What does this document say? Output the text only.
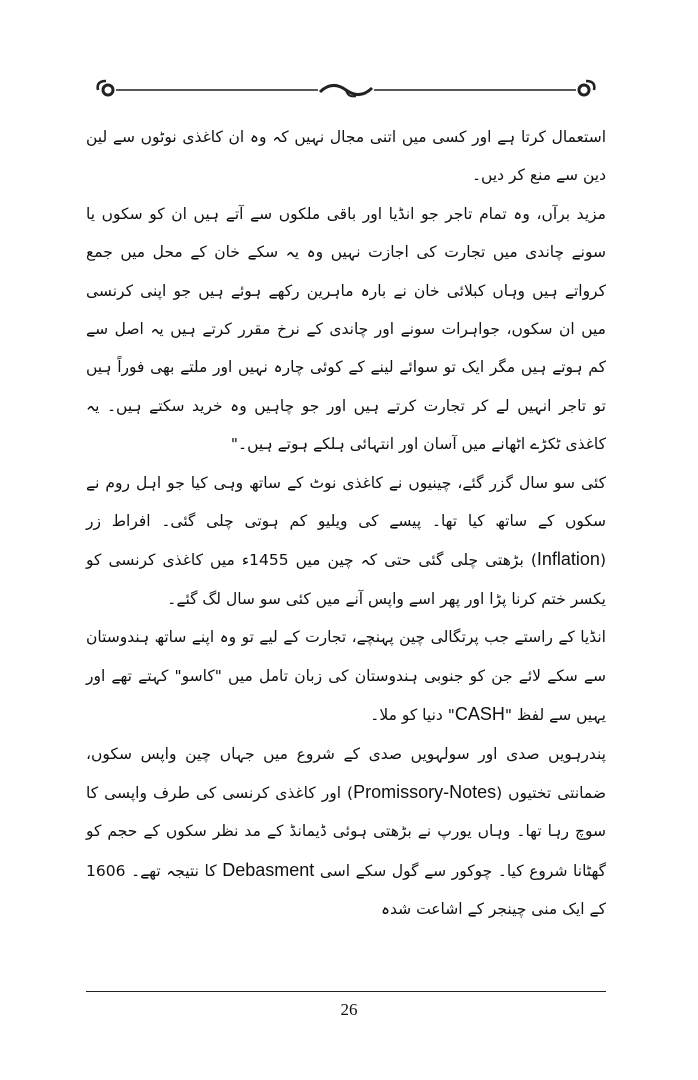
استعمال کرتا ہے اور کسی میں اتنی مجال نہیں کہ وہ ان کاغذی نوٹوں سے لین دین سے منع کر دیں۔

مزید برآں، وہ تمام تاجر جو انڈیا اور باقی ملکوں سے آتے ہیں ان کو سکوں یا سونے چاندی میں تجارت کی اجازت نہیں وہ یہ سکے خان کے محل میں جمع کرواتے ہیں وہاں کبلائی خان نے بارہ ماہرین رکھے ہوئے ہیں جو اپنی کرنسی میں ان سکوں، جواہرات سونے اور چاندی کے نرخ مقرر کرتے ہیں یہ اصل سے کم ہوتے ہیں مگر ایک تو سوائے لینے کے کوئی چارہ نہیں اور ملتے بھی فوراً ہیں تو تاجر انہیں لے کر تجارت کرتے ہیں اور جو چاہیں وہ خرید سکتے ہیں۔ یہ کاغذی ٹکڑے اٹھانے میں آسان اور انتہائی ہلکے ہوتے ہیں۔"

کئی سو سال گزر گئے، چینیوں نے کاغذی نوٹ کے ساتھ وہی کیا جو اہل روم نے سکوں کے ساتھ کیا تھا۔ پیسے کی ویلیو کم ہوتی چلی گئی۔ افراط زر (Inflation) بڑھتی چلی گئی حتی کہ چین میں 1455ء میں کاغذی کرنسی کو یکسر ختم کرنا پڑا اور پھر اسے واپس آنے میں کئی سو سال لگ گئے۔

انڈیا کے راستے جب پرتگالی چین پہنچے، تجارت کے لیے تو وہ اپنے ساتھ ہندوستان سے سکے لائے جن کو جنوبی ہندوستان کی زبان تامل میں "کاسو" کہتے تھے اور یہیں سے لفظ "CASH" دنیا کو ملا۔

پندرہویں صدی اور سولہویں صدی کے شروع میں جہاں چین واپس سکوں، ضمانتی تختیوں (Promissory-Notes) اور کاغذی کرنسی کی طرف واپسی کا سوچ رہا تھا۔ وہاں یورپ نے بڑھتی ہوئی ڈیمانڈ کے مد نظر سکوں کے حجم کو گھٹانا شروع کیا۔ چوکور سے گول سکے اسی Debasment کا نتیجہ تھے۔ 1606 کے ایک منی چینجر کے اشاعت شدہ

26
